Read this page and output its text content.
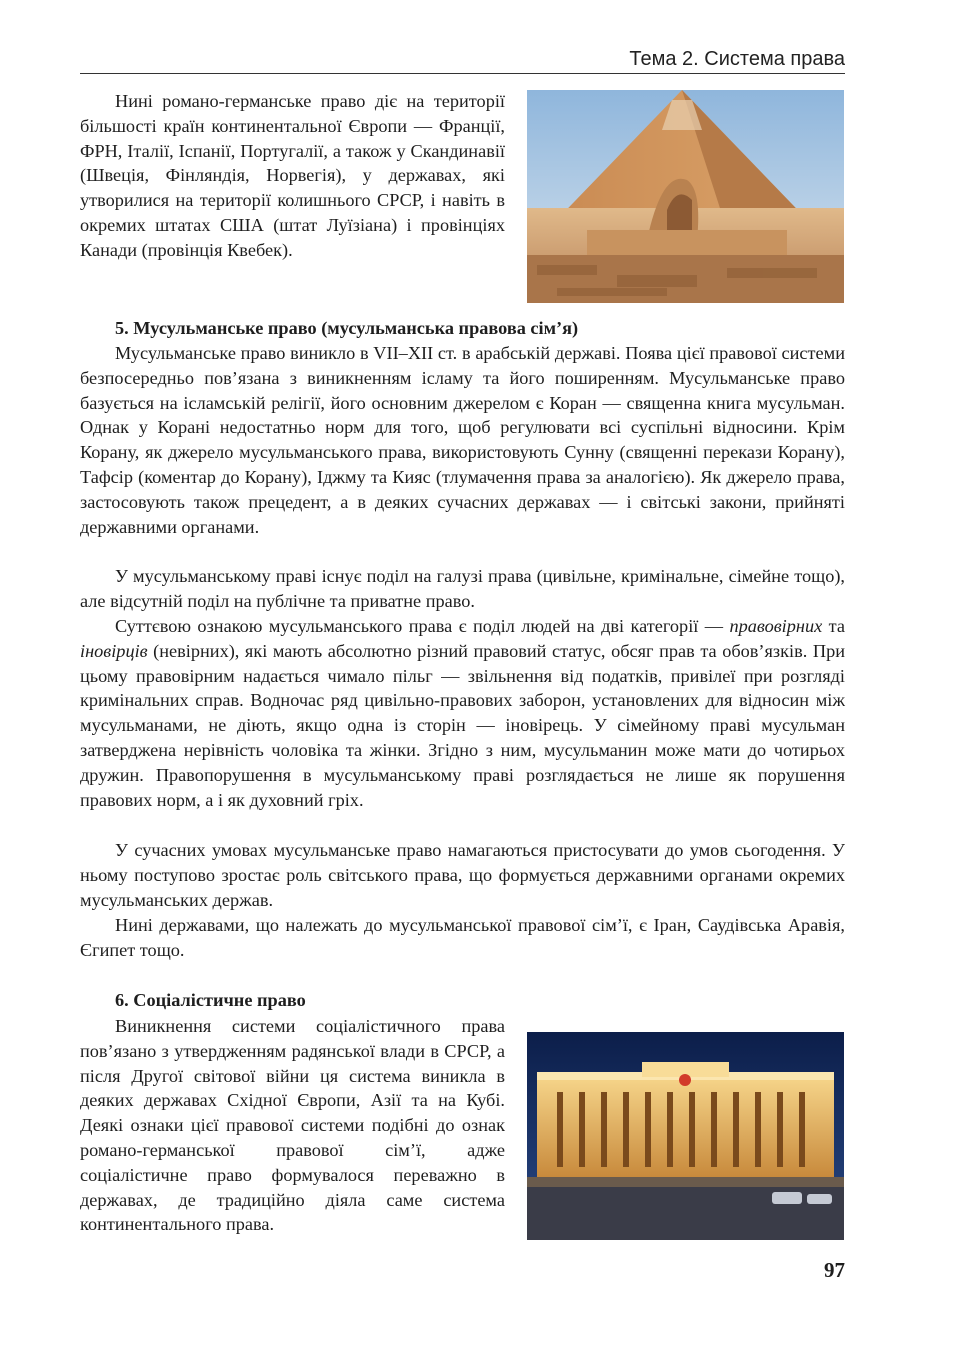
Тема 2. Система права

Нині романо-германське право діє на території більшості країн континентальної Європи — Франції, ФРН, Італії, Іспанії, Португалії, а також у Скандинавії (Швеція, Фінляндія, Норвегія), у державах, які утворилися на території колишнього СРСР, і навіть в окремих штатах США (штат Луїзіана) і провінціях Канади (провінція Квебек).

5. Мусульманське право (мусульманська правова сім’я)

Мусульманське право виникло в VII–XII ст. в арабській державі. Поява цієї правової системи безпосередньо пов’язана з виникненням ісламу та його поширенням. Мусульманське право базується на ісламській релігії, його основним джерелом є Коран — священна книга мусульман. Однак у Корані недостатньо норм для того, щоб регулювати всі суспільні відносини. Крім Корану, як джерело мусульманського права, використовують Сунну (священні перекази Корану), Тафсір (коментар до Корану), Іджму та Кияс (тлумачення права за аналогією). Як джерело права, застосовують також прецедент, а в деяких сучасних державах — і світські закони, прийняті державними органами.

У мусульманському праві існує поділ на галузі права (цивільне, кримінальне, сімейне тощо), але відсутній поділ на публічне та приватне право.

Суттєвою ознакою мусульманського права є поділ людей на дві категорії — правовірних та іновірців (невірних), які мають абсолютно різний правовий статус, обсяг прав та обов’язків. При цьому правовірним надається чимало пільг — звільнення від податків, привілеї при розгляді кримінальних справ. Водночас ряд цивільно-правових заборон, установлених для відносин між мусульманами, не діють, якщо одна із сторін — іновірець. У сімейному праві мусульман затверджена нерівність чоловіка та жінки. Згідно з ним, мусульманин може мати до чотирьох дружин. Правопорушення в мусульманському праві розглядається не лише як порушення правових норм, а і як духовний гріх.

У сучасних умовах мусульманське право намагаються пристосувати до умов сьогодення. У ньому поступово зростає роль світського права, що формується державними органами окремих мусульманських держав.

Нині державами, що належать до мусульманської правової сім’ї, є Іран, Саудівська Аравія, Єгипет тощо.

6. Соціалістичне право

Виникнення системи соціалістичного права пов’язано з утвердженням радянської влади в СРСР, а після Другої світової війни ця система виникла в деяких державах Східної Європи, Азії та на Кубі. Деякі ознаки цієї правової системи подібні до ознак романо-германської правової сім’ї, адже соціалістичне право формувалося переважно в державах, де традиційно діяла саме система континентального права.

97
